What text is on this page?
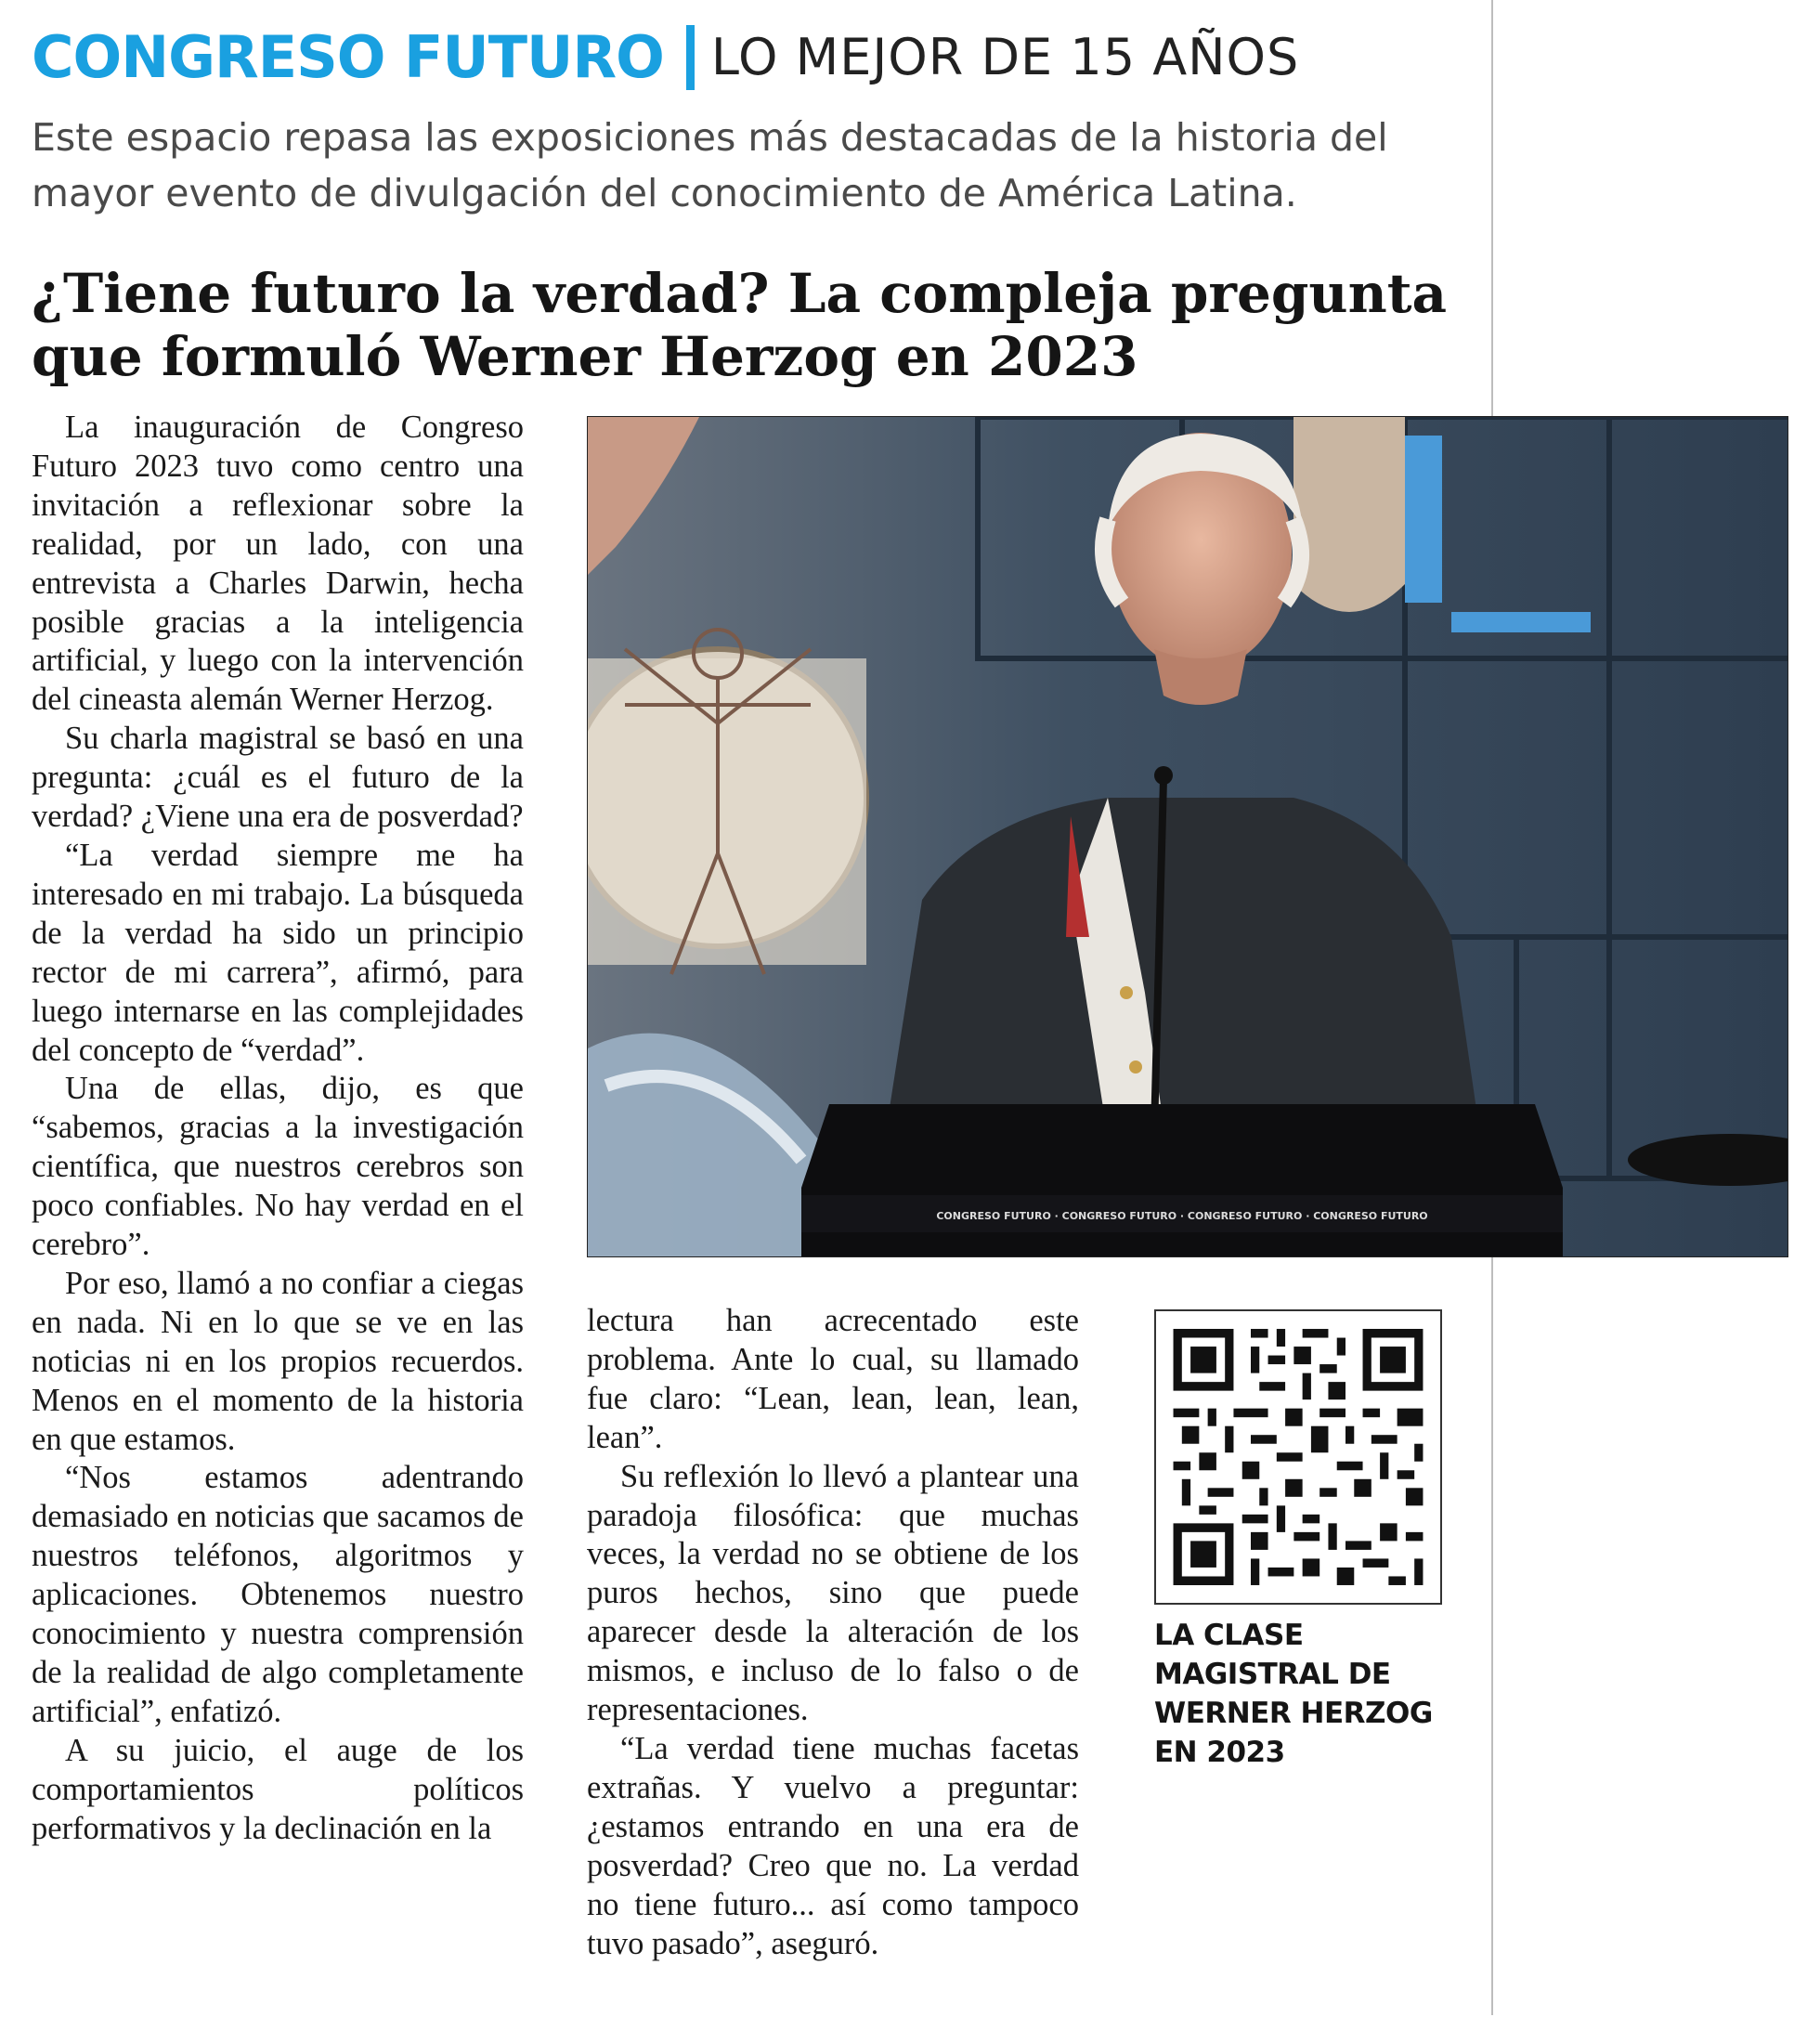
CONGRESO FUTURO LO MEJOR DE 15 AÑOS

Este espacio repasa las exposiciones más destacadas de la historia del mayor evento de divulgación del conocimiento de América Latina.

¿Tiene futuro la verdad? La compleja pregunta que formuló Werner Herzog en 2023

La inauguración de Congreso Futuro 2023 tuvo como centro una invitación a reflexionar sobre la realidad, por un lado, con una entrevista a Charles Darwin, hecha posible gracias a la inteligencia artificial, y luego con la intervención del cineasta alemán Werner Herzog.

Su charla magistral se basó en una pregunta: ¿cuál es el futuro de la verdad? ¿Viene una era de posverdad?

“La verdad siempre me ha interesado en mi trabajo. La búsqueda de la verdad ha sido un principio rector de mi carrera”, afirmó, para luego internarse en las complejidades del concepto de “verdad”.

Una de ellas, dijo, es que “sabemos, gracias a la investigación científica, que nuestros cerebros son poco confiables. No hay verdad en el cerebro”.

Por eso, llamó a no confiar a ciegas en nada. Ni en lo que se ve en las noticias ni en los propios recuerdos. Menos en el momento de la historia en que estamos.

“Nos estamos adentrando demasiado en noticias que sacamos de nuestros teléfonos, algoritmos y aplicaciones. Obtenemos nuestro conocimiento y nuestra comprensión de la realidad de algo completamente artificial”, enfatizó.

A su juicio, el auge de los comportamientos políticos performativos y la declinación en la

CONGRESO FUTURO · CONGRESO FUTURO · CONGRESO FUTURO · CONGRESO FUTURO

lectura han acrecentado este problema. Ante lo cual, su llamado fue claro: “Lean, lean, lean, lean, lean”.

Su reflexión lo llevó a plantear una paradoja filosófica: que muchas veces, la verdad no se obtiene de los puros hechos, sino que puede aparecer desde la alteración de los mismos, e incluso de lo falso o de representaciones.

“La verdad tiene muchas facetas extrañas. Y vuelvo a preguntar: ¿estamos entrando en una era de posverdad? Creo que no. La verdad no tiene futuro... así como tampoco tuvo pasado”, aseguró.

LA CLASE
MAGISTRAL DE
WERNER HERZOG
EN 2023
